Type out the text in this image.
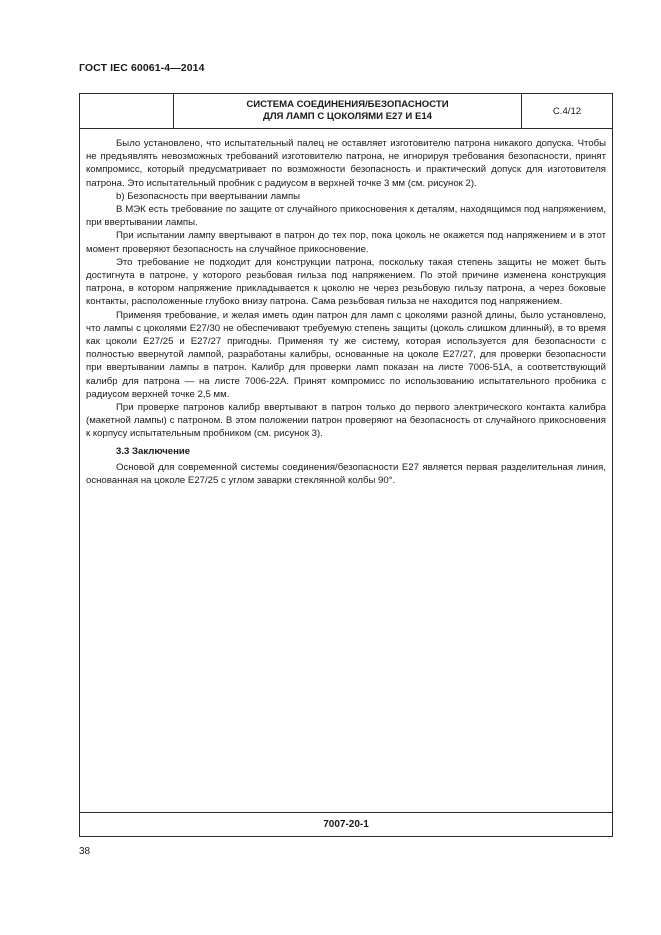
ГОСТ IEC 60061-4—2014
СИСТЕМА СОЕДИНЕНИЯ/БЕЗОПАСНОСТИ
ДЛЯ ЛАМП С ЦОКОЛЯМИ E27 И E14	С.4/12

Было установлено, что испытательный палец не оставляет изготовителю патрона никакого допуска. Чтобы не предъявлять невозможных требований изготовителю патрона, не игнорируя требования безопасности, принят компромисс, который предусматривает по возможности безопасность и практический допуск для изготовителя патрона. Это испытательный пробник с радиусом в верхней точке 3 мм (см. рисунок 2).

b) Безопасность при ввертывании лампы

В МЭК есть требование по защите от случайного прикосновения к деталям, находящимся под напряжением, при ввертывании лампы.

При испытании лампу ввертывают в патрон до тех пор, пока цоколь не окажется под напряжением и в этот момент проверяют безопасность на случайное прикосновение.

Это требование не подходит для конструкции патрона, поскольку такая степень защиты не может быть достигнута в патроне, у которого резьбовая гильза под напряжением. По этой причине изменена конструкция патрона, в котором напряжение прикладывается к цоколю не через резьбовую гильзу патрона, а через боковые контакты, расположенные глубоко внизу патрона. Сама резьбовая гильза не находится под напряжением.

Применяя требование, и желая иметь один патрон для ламп с цоколями разной длины, было установлено, что лампы с цоколями E27/30 не обеспечивают требуемую степень защиты (цоколь слишком длинный), в то время как цоколи E27/25 и E27/27 пригодны. Применяя ту же систему, которая используется для безопасности с полностью ввернутой лампой, разработаны калибры, основанные на цоколе E27/27, для проверки безопасности при ввертывании лампы в патрон. Калибр для проверки ламп показан на листе 7006-51А, а соответствующий калибр для патрона — на листе 7006-22А. Принят компромисс по использованию испытательного пробника с радиусом верхней точке 2,5 мм.

При проверке патронов калибр ввертывают в патрон только до первого электрического контакта калибра (макетной лампы) с патроном. В этом положении патрон проверяют на безопасность от случайного прикосновения к корпусу испытательным пробником (см. рисунок 3).

3.3 Заключение

Основой для современной системы соединения/безопасности E27 является первая разделительная линия, основанная на цоколе E27/25 с углом заварки стеклянной колбы 90°.

7007-20-1
38
